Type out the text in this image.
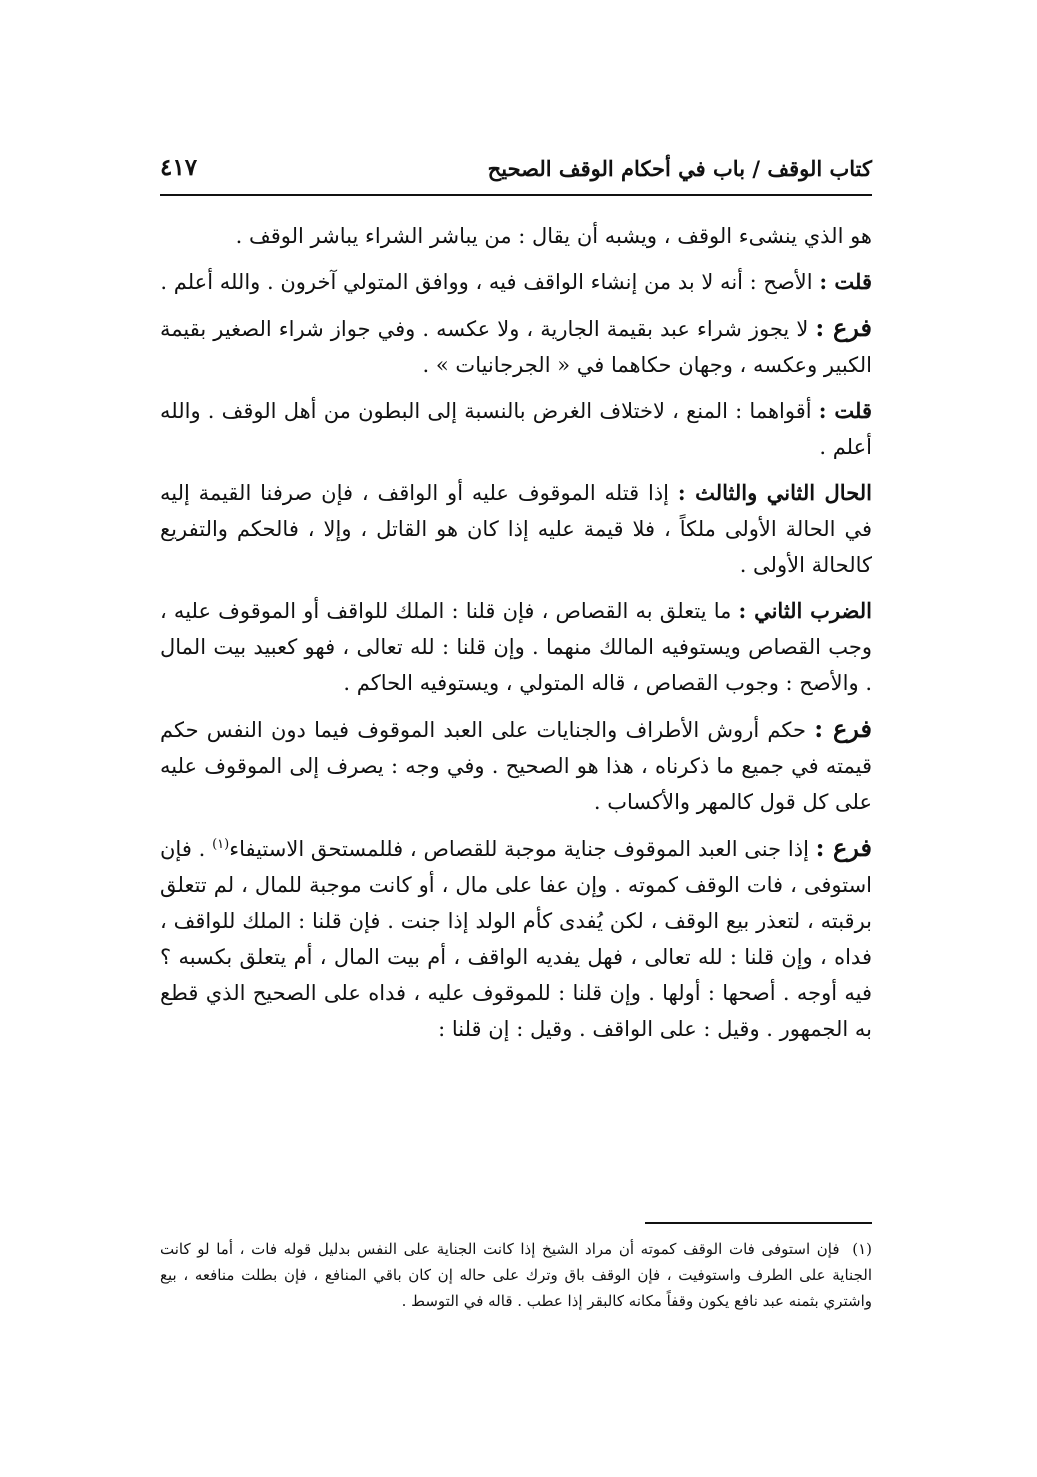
كتاب الوقف / باب في أحكام الوقف الصحيح
٤١٧

هو الذي ينشىء الوقف ، ويشبه أن يقال : من يباشر الشراء يباشر الوقف .

قلت : الأصح : أنه لا بد من إنشاء الواقف فيه ، ووافق المتولي آخرون . والله أعلم .

فرع : لا يجوز شراء عبد بقيمة الجارية ، ولا عكسه . وفي جواز شراء الصغير بقيمة الكبير وعكسه ، وجهان حكاهما في « الجرجانيات » .

قلت : أقواهما : المنع ، لاختلاف الغرض بالنسبة إلى البطون من أهل الوقف . والله أعلم .

الحال الثاني والثالث : إذا قتله الموقوف عليه أو الواقف ، فإن صرفنا القيمة إليه في الحالة الأولى ملكاً ، فلا قيمة عليه إذا كان هو القاتل ، وإلا ، فالحكم والتفريع كالحالة الأولى .

الضرب الثاني : ما يتعلق به القصاص ، فإن قلنا : الملك للواقف أو الموقوف عليه ، وجب القصاص ويستوفيه المالك منهما . وإن قلنا : لله تعالى ، فهو كعبيد بيت المال . والأصح : وجوب القصاص ، قاله المتولي ، ويستوفيه الحاكم .

فرع : حكم أروش الأطراف والجنايات على العبد الموقوف فيما دون النفس حكم قيمته في جميع ما ذكرناه ، هذا هو الصحيح . وفي وجه : يصرف إلى الموقوف عليه على كل قول كالمهر والأكساب .

فرع : إذا جنى العبد الموقوف جناية موجبة للقصاص ، فللمستحق الاستيفاء$^{(١)}$ . فإن استوفى ، فات الوقف كموته . وإن عفا على مال ، أو كانت موجبة للمال ، لم تتعلق برقبته ، لتعذر بيع الوقف ، لكن يُفدى كأم الولد إذا جنت . فإن قلنا : الملك للواقف ، فداه ، وإن قلنا : لله تعالى ، فهل يفديه الواقف ، أم بيت المال ، أم يتعلق بكسبه ؟ فيه أوجه . أصحها : أولها . وإن قلنا : للموقوف عليه ، فداه على الصحيح الذي قطع به الجمهور . وقيل : على الواقف . وقيل : إن قلنا :

(١) فإن استوفى فات الوقف كموته أن مراد الشيخ إذا كانت الجناية على النفس بدليل قوله فات ، أما لو كانت الجناية على الطرف واستوفيت ، فإن الوقف باق وترك على حاله إن كان باقي المنافع ، فإن بطلت منافعه ، بيع واشتري بثمنه عبد نافع يكون وقفاً مكانه كالبقر إذا عطب . قاله في التوسط .
